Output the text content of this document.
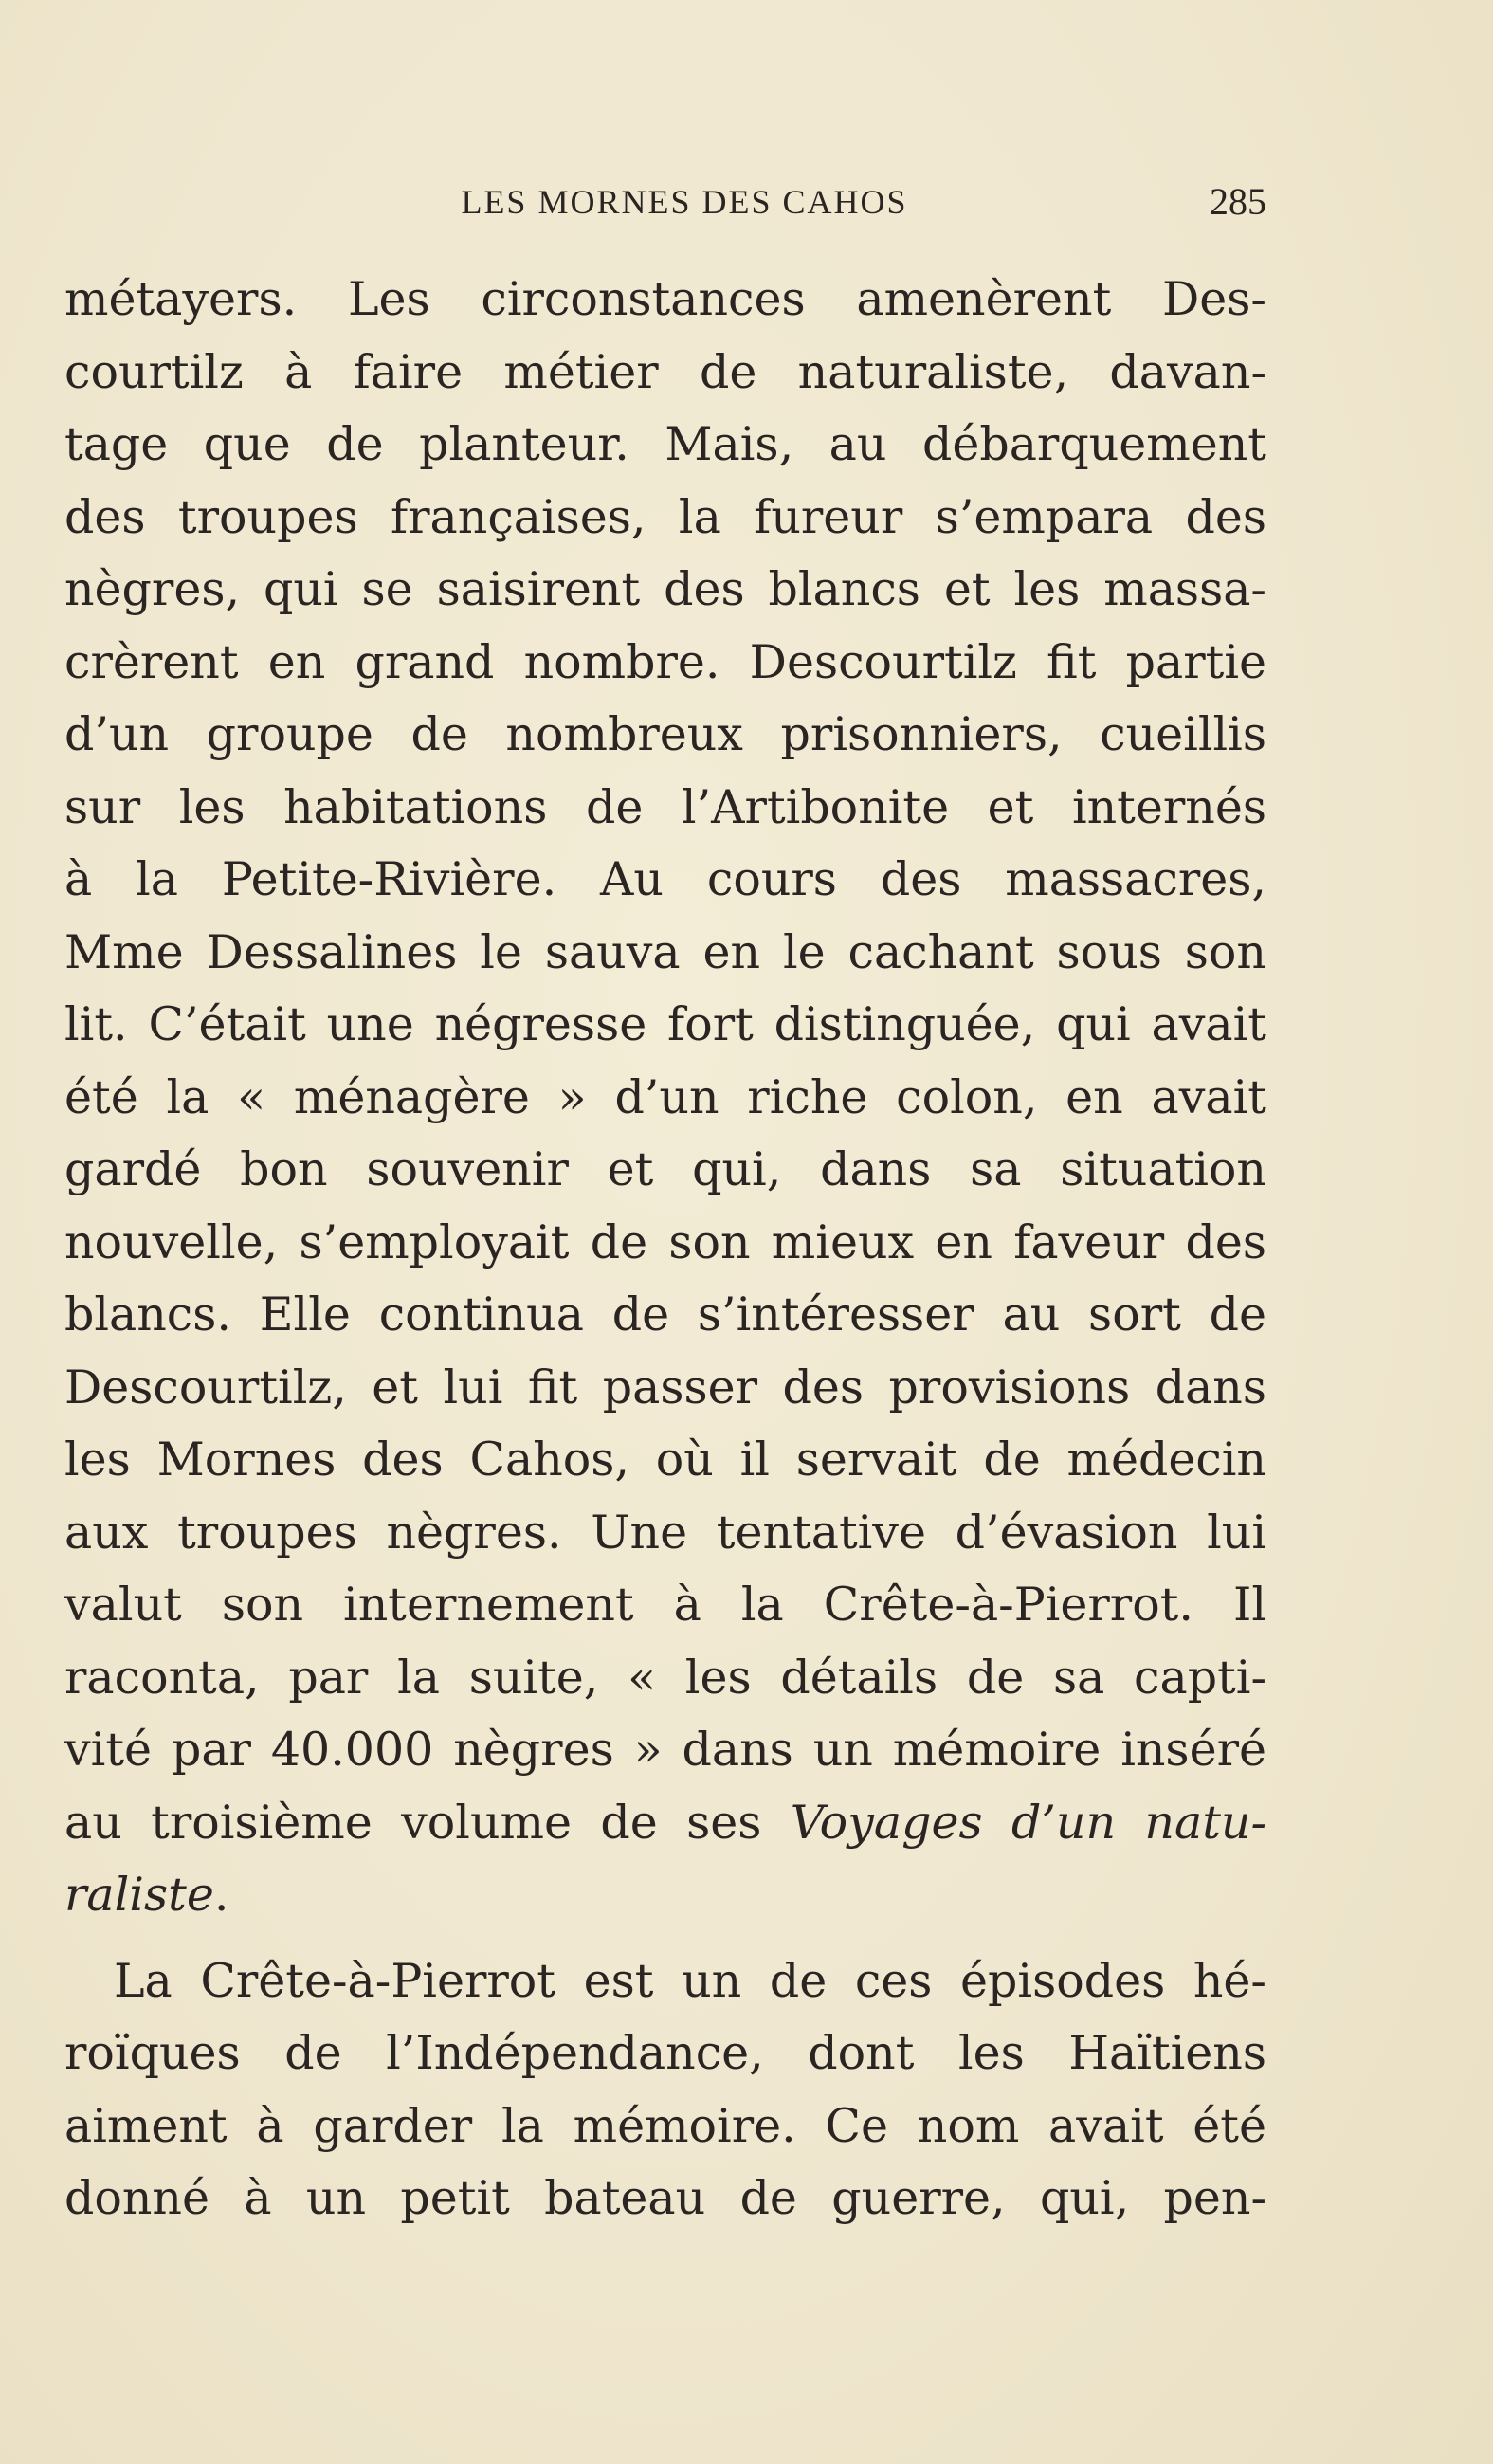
LES MORNES DES CAHOS	285
métayers. Les circonstances amenèrent Des-
courtilz à faire métier de naturaliste, davan-
tage que de planteur. Mais, au débarquement
des troupes françaises, la fureur s’empara des
nègres, qui se saisirent des blancs et les massa-
crèrent en grand nombre. Descourtilz fit partie
d’un groupe de nombreux prisonniers, cueillis
sur les habitations de l’Artibonite et internés
à la Petite-Rivière. Au cours des massacres,
Mme Dessalines le sauva en le cachant sous son
lit. C’était une négresse fort distinguée, qui avait
été la « ménagère » d’un riche colon, en avait
gardé bon souvenir et qui, dans sa situation
nouvelle, s’employait de son mieux en faveur des
blancs. Elle continua de s’intéresser au sort de
Descourtilz, et lui fit passer des provisions dans
les Mornes des Cahos, où il servait de médecin
aux troupes nègres. Une tentative d’évasion lui
valut son internement à la Crête-à-Pierrot. Il
raconta, par la suite, « les détails de sa capti-
vité par 40.000 nègres » dans un mémoire inséré
au troisième volume de ses Voyages d’un natu-
raliste.
La Crête-à-Pierrot est un de ces épisodes hé-
roïques de l’Indépendance, dont les Haïtiens
aiment à garder la mémoire. Ce nom avait été
donné à un petit bateau de guerre, qui, pen-
